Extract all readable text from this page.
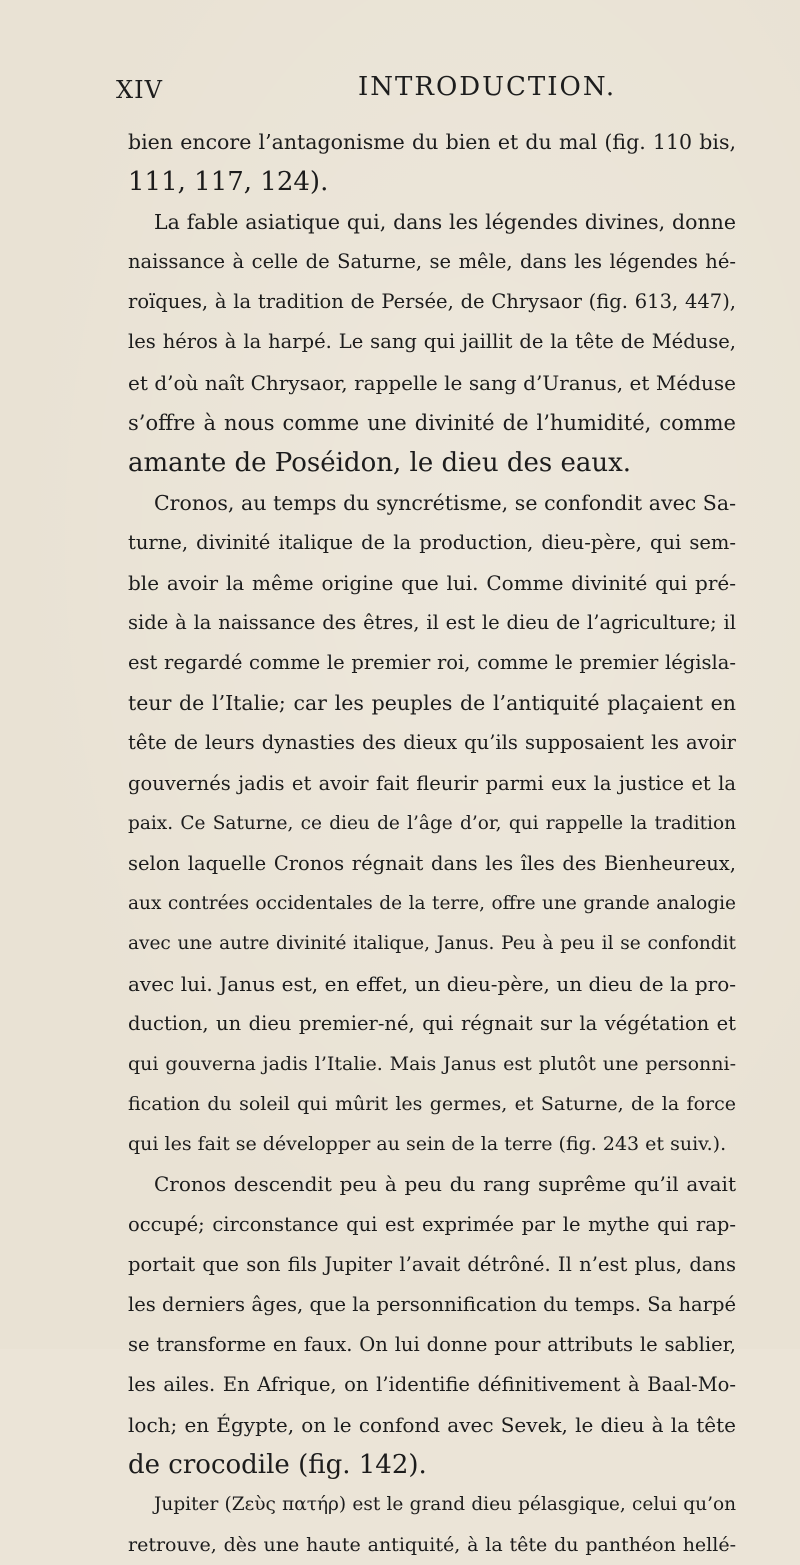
XIV	INTRODUCTION.
bien encore l’antagonisme du bien et du mal (fig. 110 bis,
111, 117, 124).
La fable asiatique qui, dans les légendes divines, donne
naissance à celle de Saturne, se mêle, dans les légendes hé-
roïques, à la tradition de Persée, de Chrysaor (fig. 613, 447),
les héros à la harpé. Le sang qui jaillit de la tête de Méduse,
et d’où naît Chrysaor, rappelle le sang d’Uranus, et Méduse
s’offre à nous comme une divinité de l’humidité, comme
amante de Poséidon, le dieu des eaux.
Cronos, au temps du syncrétisme, se confondit avec Sa-
turne, divinité italique de la production, dieu-père, qui sem-
ble avoir la même origine que lui. Comme divinité qui pré-
side à la naissance des êtres, il est le dieu de l’agriculture; il
est regardé comme le premier roi, comme le premier législa-
teur de l’Italie; car les peuples de l’antiquité plaçaient en
tête de leurs dynasties des dieux qu’ils supposaient les avoir
gouvernés jadis et avoir fait fleurir parmi eux la justice et la
paix. Ce Saturne, ce dieu de l’âge d’or, qui rappelle la tradition
selon laquelle Cronos régnait dans les îles des Bienheureux,
aux contrées occidentales de la terre, offre une grande analogie
avec une autre divinité italique, Janus. Peu à peu il se confondit
avec lui. Janus est, en effet, un dieu-père, un dieu de la pro-
duction, un dieu premier-né, qui régnait sur la végétation et
qui gouverna jadis l’Italie. Mais Janus est plutôt une personni-
fication du soleil qui mûrit les germes, et Saturne, de la force
qui les fait se développer au sein de la terre (fig. 243 et suiv.).
Cronos descendit peu à peu du rang suprême qu’il avait
occupé; circonstance qui est exprimée par le mythe qui rap-
portait que son fils Jupiter l’avait détrôné. Il n’est plus, dans
les derniers âges, que la personnification du temps. Sa harpé
se transforme en faux. On lui donne pour attributs le sablier,
les ailes. En Afrique, on l’identifie définitivement à Baal-Mo-
loch; en Égypte, on le confond avec Sevek, le dieu à la tête
de crocodile (fig. 142).
Jupiter (Ζεὺς πατήρ) est le grand dieu pélasgique, celui qu’on
retrouve, dès une haute antiquité, à la tête du panthéon hellé-
